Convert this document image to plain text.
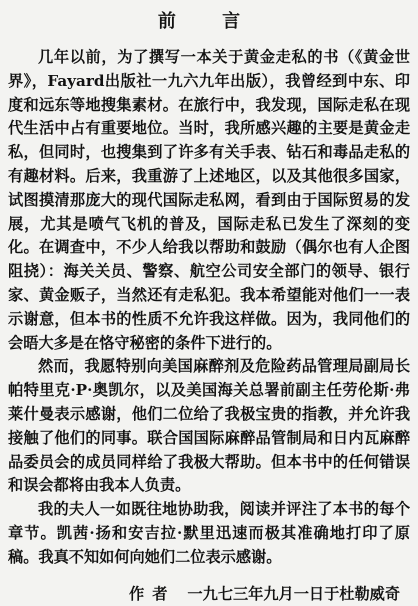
前 言

几年以前，为了撰写一本关于黄金走私的书（《黄金世界》，Fayard出版社一九六九年出版），我曾经到中东、印度和远东等地搜集素材。在旅行中，我发现，国际走私在现代生活中占有重要地位。当时，我所感兴趣的主要是黄金走私，但同时，也搜集到了许多有关手表、钻石和毒品走私的有趣材料。后来，我重游了上述地区，以及其他很多国家，试图摸清那庞大的现代国际走私网，看到由于国际贸易的发展，尤其是喷气飞机的普及，国际走私已发生了深刻的变化。在调查中，不少人给我以帮助和鼓励（偶尔也有人企图阻挠）：海关关员、警察、航空公司安全部门的领导、银行家、黄金贩子，当然还有走私犯。我本希望能对他们一一表示谢意，但本书的性质不允许我这样做。因为，我同他们的会晤大多是在恪守秘密的条件下进行的。

然而，我愿特别向美国麻醉剂及危险药品管理局副局长帕特里克·P·奥凯尔，以及美国海关总署前副主任劳伦斯·弗莱什曼表示感谢，他们二位给了我极宝贵的指教，并允许我接触了他们的同事。联合国国际麻醉品管制局和日内瓦麻醉品委员会的成员同样给了我极大帮助。但本书中的任何错误和误会都将由我本人负责。

我的夫人一如既往地协助我，阅读并评注了本书的每个章节。凯茜·扬和安吉拉·默里迅速而极其准确地打印了原稿。我真不知如何向她们二位表示感谢。

作者 一九七三年九月一日于杜勒威奇
